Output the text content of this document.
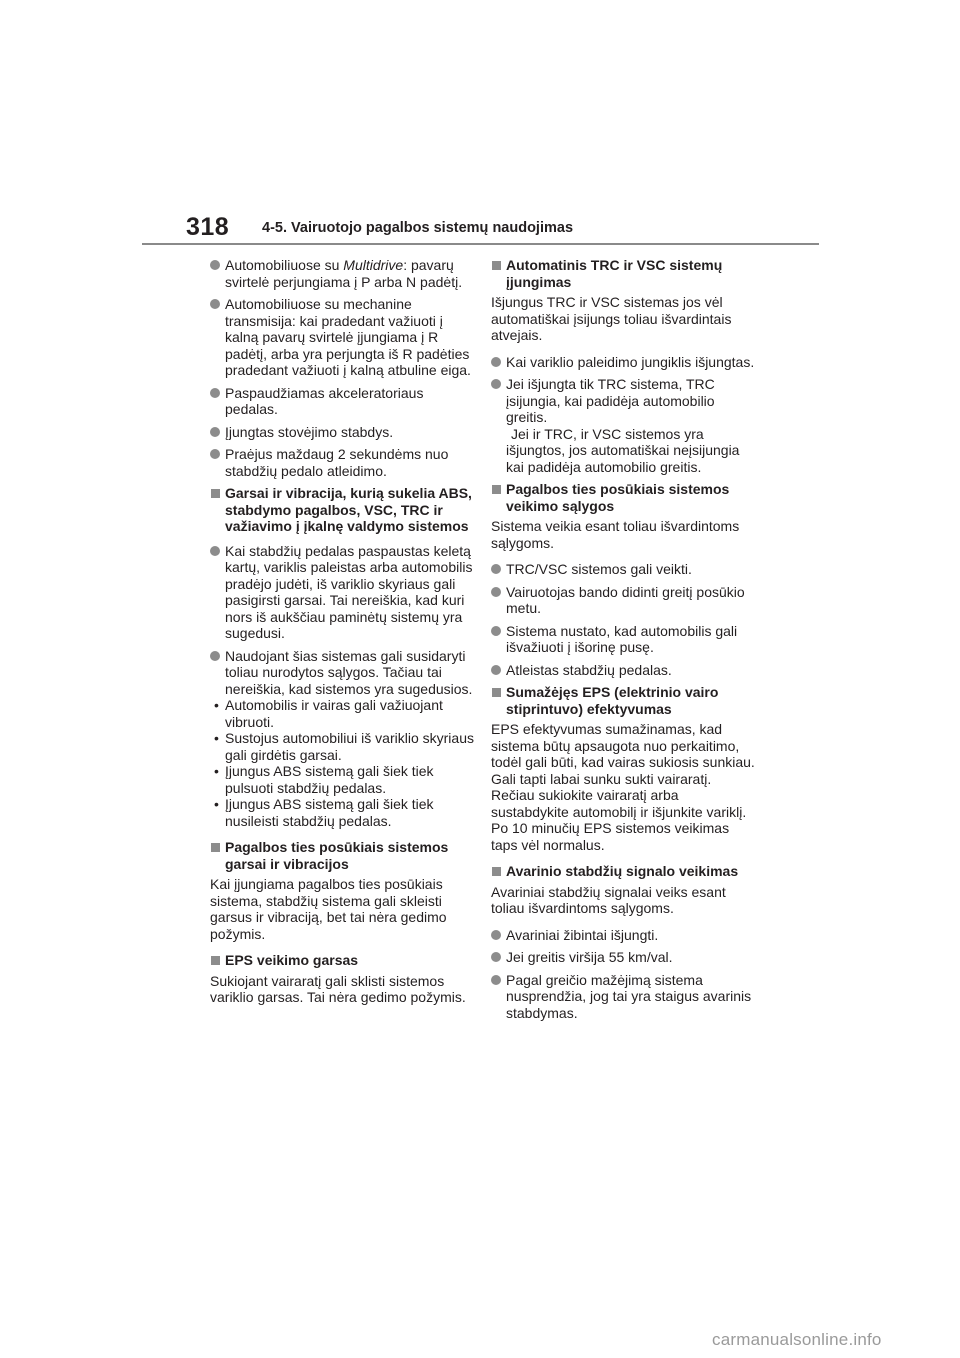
318 4-5. Vairuotojo pagalbos sistemų naudojimas
Automobiliuose su Multidrive: pavarų svirtelė perjungiama į P arba N padėtį.
Automobiliuose su mechanine transmisija: kai pradedant važiuoti į kalną pavarų svirtelė įjungiama į R padėtį, arba yra perjungta iš R padėties pradedant važiuoti į kalną atbuline eiga.
Paspaudžiamas akceleratoriaus pedalas.
Įjungtas stovėjimo stabdys.
Praėjus maždaug 2 sekundėms nuo stabdžių pedalo atleidimo.
Garsai ir vibracija, kurią sukelia ABS, stabdymo pagalbos, VSC, TRC ir važiavimo į įkalnę valdymo sistemos
Kai stabdžių pedalas paspaustas keletą kartų, variklis paleistas arba automobilis pradėjo judėti, iš variklio skyriaus gali pasigirsti garsai. Tai nereiškia, kad kuri nors iš aukščiau paminėtų sistemų yra sugedusi.
Naudojant šias sistemas gali susidaryti toliau nurodytos sąlygos. Tačiau tai nereiškia, kad sistemos yra sugedusios.
• Automobilis ir vairas gali važiuojant vibruoti.
• Sustojus automobiliui iš variklio skyriaus gali girdėtis garsai.
• Įjungus ABS sistemą gali šiek tiek pulsuoti stabdžių pedalas.
• Įjungus ABS sistemą gali šiek tiek nusileisti stabdžių pedalas.
Pagalbos ties posūkiais sistemos garsai ir vibracijos
Kai įjungiama pagalbos ties posūkiais sistema, stabdžių sistema gali skleisti garsus ir vibraciją, bet tai nėra gedimo požymis.
EPS veikimo garsas
Sukiojant vairaratį gali sklisti sistemos variklio garsas. Tai nėra gedimo požymis.
Automatinis TRC ir VSC sistemų įjungimas
Išjungus TRC ir VSC sistemas jos vėl automatiškai įsijungs toliau išvardintais atvejais.
Kai variklio paleidimo jungiklis išjungtas.
Jei išjungta tik TRC sistema, TRC įsijungia, kai padidėja automobilio greitis.
Jei ir TRC, ir VSC sistemos yra išjungtos, jos automatiškai neįsijungia kai padidėja automobilio greitis.
Pagalbos ties posūkiais sistemos veikimo sąlygos
Sistema veikia esant toliau išvardintoms sąlygoms.
TRC/VSC sistemos gali veikti.
Vairuotojas bando didinti greitį posūkio metu.
Sistema nustato, kad automobilis gali išvažiuoti į išorinę pusę.
Atleistas stabdžių pedalas.
Sumažėjęs EPS (elektrinio vairo stiprintuvo) efektyvumas
EPS efektyvumas sumažinamas, kad sistema būtų apsaugota nuo perkaitimo, todėl gali būti, kad vairas sukiosis sunkiau. Gali tapti labai sunku sukti vairaratį. Rečiau sukiokite vairaratį arba sustabdykite automobilį ir išjunkite variklį. Po 10 minučių EPS sistemos veikimas taps vėl normalus.
Avarinio stabdžių signalo veikimas
Avariniai stabdžių signalai veiks esant toliau išvardintoms sąlygoms.
Avariniai žibintai išjungti.
Jei greitis viršija 55 km/val.
Pagal greičio mažėjimą sistema nusprendžia, jog tai yra staigus avarinis stabdymas.
carmanualsonline.info
